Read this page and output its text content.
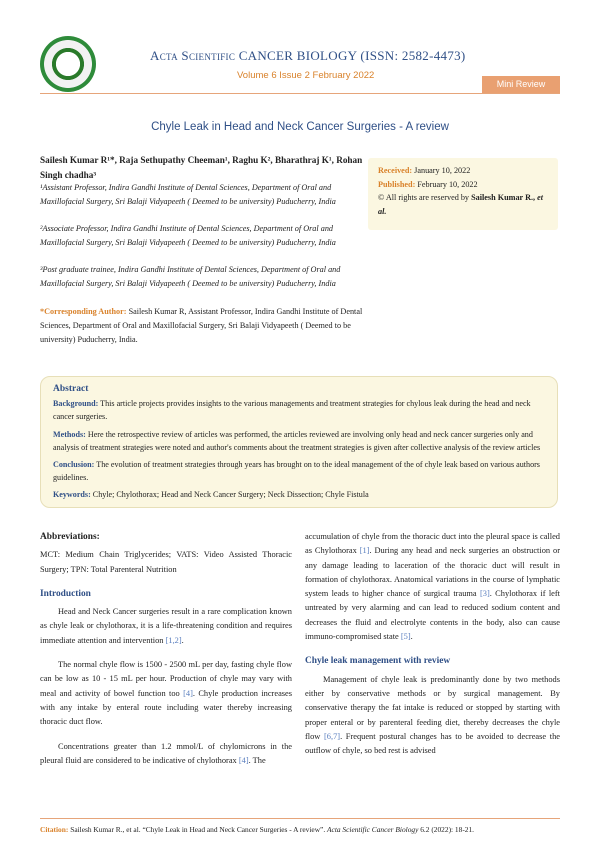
Acta Scientific CANCER BIOLOGY (ISSN: 2582-4473)
Volume 6 Issue 2 February 2022
Mini Review
Chyle Leak in Head and Neck Cancer Surgeries - A review
Sailesh Kumar R¹*, Raja Sethupathy Cheeman¹, Raghu K², Bharathraj K¹, Rohan Singh chadha³
¹Assistant Professor, Indira Gandhi Institute of Dental Sciences, Department of Oral and Maxillofacial Surgery, Sri Balaji Vidyapeeth ( Deemed to be university) Puducherry, India
²Associate Professor, Indira Gandhi Institute of Dental Sciences, Department of Oral and Maxillofacial Surgery, Sri Balaji Vidyapeeth ( Deemed to be university) Puducherry, India
³Post graduate trainee, Indira Gandhi Institute of Dental Sciences, Department of Oral and Maxillofacial Surgery, Sri Balaji Vidyapeeth ( Deemed to be university) Puducherry, India
*Corresponding Author: Sailesh Kumar R, Assistant Professor, Indira Gandhi Institute of Dental Sciences, Department of Oral and Maxillofacial Surgery, Sri Balaji Vidyapeeth ( Deemed to be university) Puducherry, India.
Received: January 10, 2022
Published: February 10, 2022
© All rights are reserved by Sailesh Kumar R., et al.
Abstract

Background: This article projects provides insights to the various managements and treatment strategies for chylous leak during the head and neck cancer surgeries.

Methods: Here the retrospective review of articles was performed, the articles reviewed are involving only head and neck cancer surgeries only and analysis of treatment strategies were noted and author's comments about the treatment strategies is given after collective analysis of the review articles

Conclusion: The evolution of treatment strategies through years has brought on to the ideal management of the of chyle leak based on various authors guidelines.

Keywords: Chyle; Chylothorax; Head and Neck Cancer Surgery; Neck Dissection; Chyle Fistula

Abbreviations:

MCT: Medium Chain Triglycerides; VATS: Video Assisted Thoracic Surgery; TPN: Total Parenteral Nutrition

Introduction

Head and Neck Cancer surgeries result in a rare complication known as chyle leak or chylothorax, it is a life-threatening condition and requires immediate attention and intervention [1,2].

The normal chyle flow is 1500 - 2500 mL per day, fasting chyle flow can be low as 10 - 15 mL per hour. Production of chyle may vary with meal and activity of bowel function too [4]. Chyle production increases with any intake by enteral route including water thereby increasing thoracic duct flow.

Concentrations greater than 1.2 mmol/L of chylomicrons in the pleural fluid are considered to be indicative of chylothorax [4]. The

accumulation of chyle from the thoracic duct into the pleural space is called as Chylothorax [1]. During any head and neck surgeries an obstruction or any damage leading to laceration of the thoracic duct will result in formation of chylothorax. Anatomical variations in the course of lymphatic system leads to higher chance of surgical trauma [3]. Chylothorax if left untreated by very alarming and can lead to reduced sodium content and decreases the fluid and electrolyte contents in the body, also can cause immuno-compromised state [5].

Chyle leak management with review

Management of chyle leak is predominantly done by two methods either by conservative methods or by surgical management. By conservative therapy the fat intake is reduced or stopped by starting with proper enteral or by parenteral feeding diet, thereby decreases the chyle flow [6,7]. Frequent postural changes has to be avoided to decrease the outflow of chyle, so bed rest is advised

Citation: Sailesh Kumar R., et al. “Chyle Leak in Head and Neck Cancer Surgeries - A review”. Acta Scientific Cancer Biology 6.2 (2022): 18-21.
